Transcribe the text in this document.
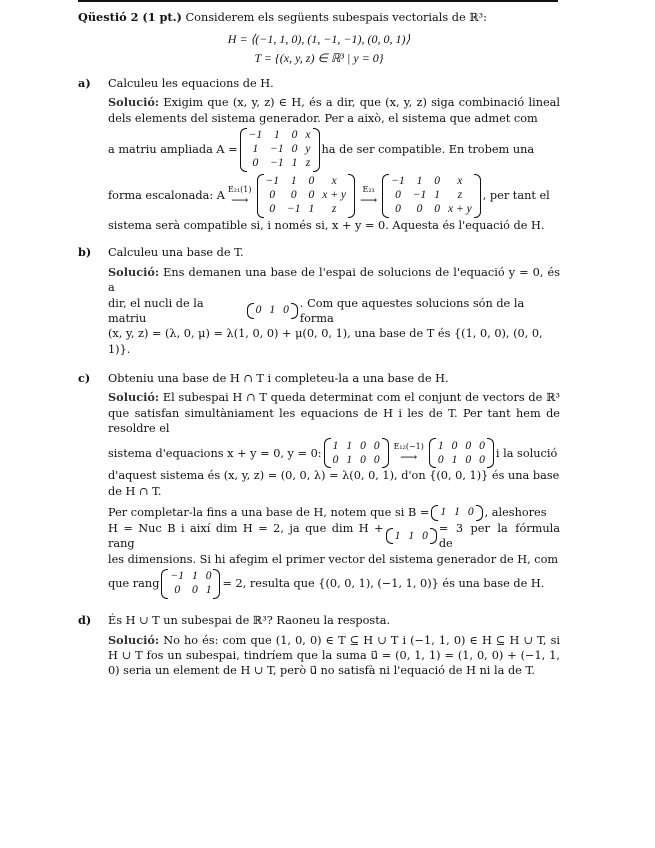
Qüestió 2 (1 pt.) Considerem els següents subespais vectorials de ℝ³:
H = ⟨(−1, 1, 0), (1, −1, −1), (0, 0, 1)⟩
T = {(x, y, z) ∈ ℝ³ | y = 0}
a)	Calculeu les equacions de H.
Solució: Exigim que (x, y, z) ∈ H, és a dir, que (x, y, z) siga combinació lineal dels elements del sistema generador. Per a això, el sistema que admet com
a matriu ampliada A =
−1	1	0 x
1	−1 0 y
0	−1 1 z
ha de ser compatible. En trobem una
forma escalonada: A E₂₁(1)
⟶
−1	1	0	x
0	0	0 x + y
0	−1 1	z
E₂₃
⟶
−1	1	0	x
0	−1 1	z
0	0	0 x + y
, per tant el
sistema serà compatible si, i només si, x + y = 0. Aquesta és l'equació de H.
b)	Calculeu una base de T.
Solució: Ens demanen una base de l'espai de solucions de l'equació y = 0, és a
dir, el nucli de la matriu
0 1 0
. Com que aquestes solucions són de la forma
(x, y, z) = (λ, 0, μ) = λ(1, 0, 0) + μ(0, 0, 1), una base de T és {(1, 0, 0), (0, 0, 1)}.
c)	Obteniu una base de H ∩ T i completeu-la a una base de H.
Solució: El subespai H ∩ T queda determinat com el conjunt de vectors de ℝ³ que satisfan simultàniament les equacions de H i les de T. Per tant hem de resoldre el
sistema d'equacions x + y = 0, y = 0:
1 1 0 0
0 1 0 0
E₁₂(−1)
⟶
1 0 0 0
0 1 0 0 i la solució
d'aquest sistema és (x, y, z) = (0, 0, λ) = λ(0, 0, 1), d'on {(0, 0, 1)} és una base de H ∩ T.
Per completar-la fins a una base de H, notem que si B = 1 1 0 , aleshores
H = Nuc B i així dim H = 2, ja que dim H + rang
1 1 0
= 3 per la fórmula de
les dimensions. Si hi afegim el primer vector del sistema generador de H, com
que rang
−1 1 0
0	0 1 = 2, resulta que {(0, 0, 1), (−1, 1, 0)} és una base de H.
d)	És H ∪ T un subespai de ℝ³? Raoneu la resposta.
Solució: No ho és: com que (1, 0, 0) ∈ T ⊆ H ∪ T i (−1, 1, 0) ∈ H ⊆ H ∪ T, si H ∪ T fos un subespai, tindríem que la suma u⃗ = (0, 1, 1) = (1, 0, 0) + (−1, 1, 0) seria un element de H ∪ T, però u⃗ no satisfà ni l'equació de H ni la de T.
